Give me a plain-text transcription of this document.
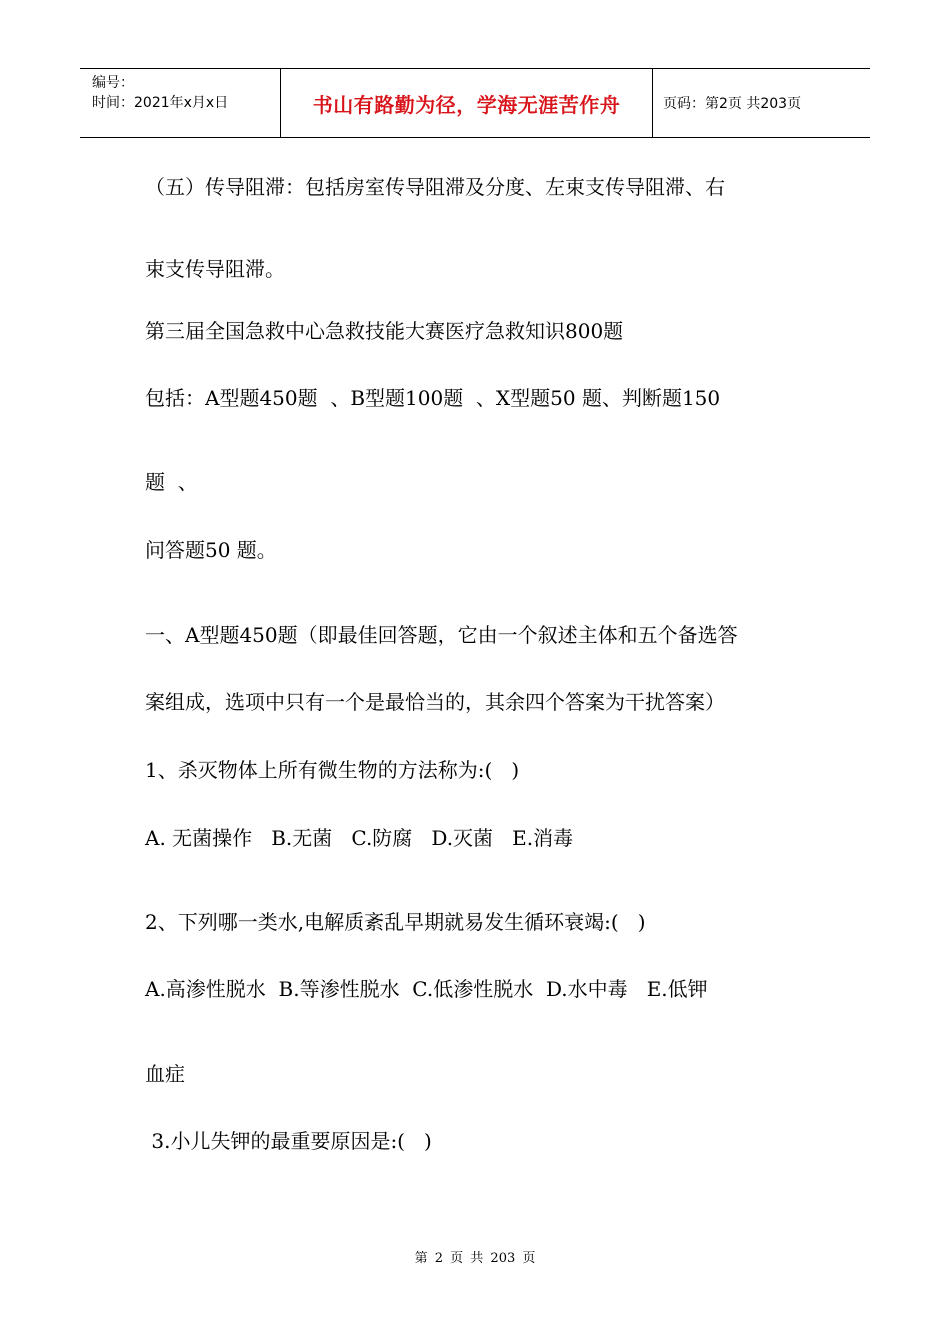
编号：
时间：2021年x月x日	书山有路勤为径，学海无涯苦作舟	页码：第2页 共203页
（五）传导阻滞：包括房室传导阻滞及分度、左束支传导阻滞、右
束支传导阻滞。
第三届全国急救中心急救技能大赛医疗急救知识800题
包括：A型题450题  、B型题100题  、X型题50 题、判断题150
题  、
问答题50 题。
一、A型题450题（即最佳回答题，它由一个叙述主体和五个备选答
案组成，选项中只有一个是最恰当的，其余四个答案为干扰答案）
1、杀灭物体上所有微生物的方法称为:(   )
A. 无菌操作   B.无菌   C.防腐   D.灭菌   E.消毒
2、下列哪一类水,电解质紊乱早期就易发生循环衰竭:(   )
A.高渗性脱水  B.等渗性脱水  C.低渗性脱水  D.水中毒   E.低钾
血症
3.小儿失钾的最重要原因是:(   )
第 2 页 共 203 页
